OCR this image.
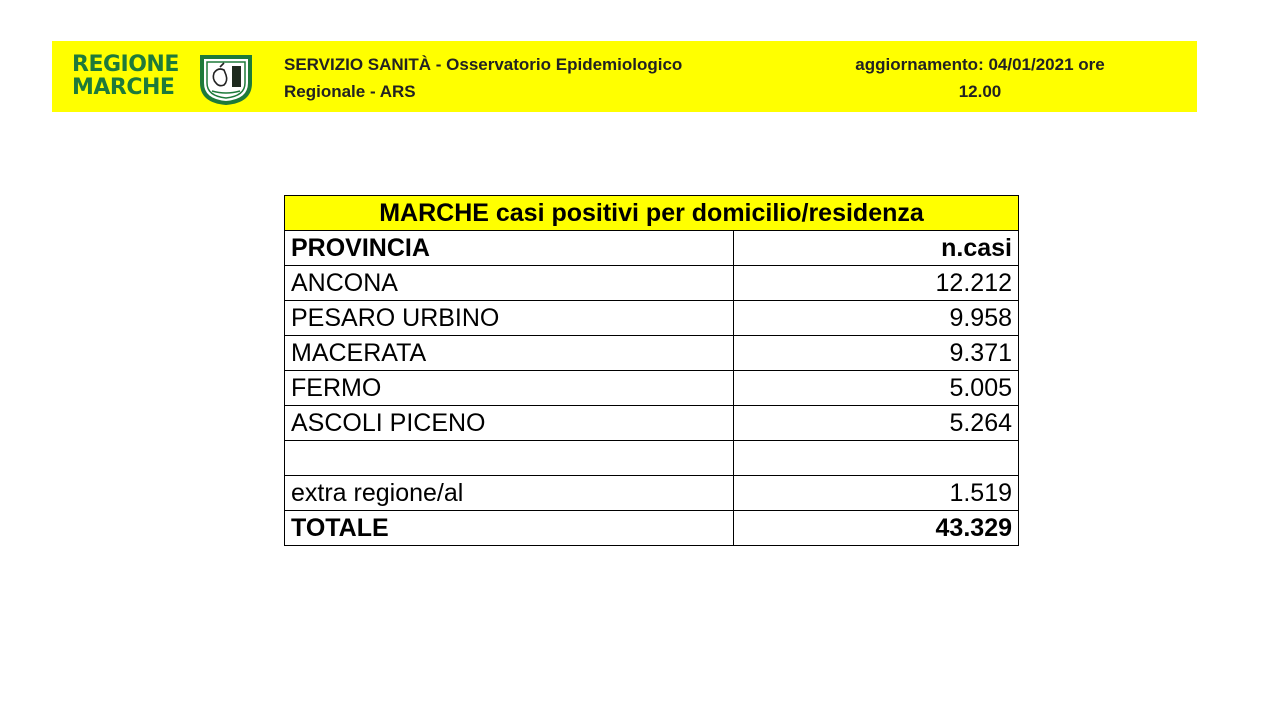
REGIONE
MARCHE
SERVIZIO SANITÀ - Osservatorio Epidemiologico
Regionale - ARS
aggiornamento: 04/01/2021 ore
12.00
MARCHE casi positivi per domicilio/residenza	
PROVINCIA	n.casi
ANCONA	12.212
PESARO URBINO	9.958
MACERATA	9.371
FERMO	5.005
ASCOLI PICENO	5.264

extra regione/al	1.519
TOTALE	43.329
